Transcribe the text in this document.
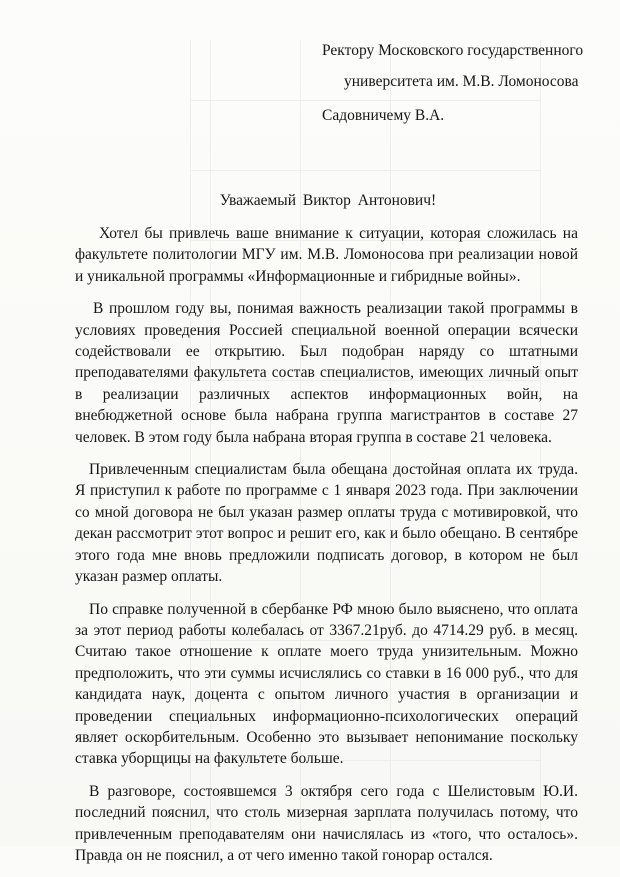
Ректору Московского государственного
университета им. М.В. Ломоносова
Садовничему В.А.
Уважаемый Виктор Антонович!

Хотел бы привлечь ваше внимание к ситуации, которая сложилась на факультете политологии МГУ им. М.В. Ломоносова при реализации новой и уникальной программы «Информационные и гибридные войны».

В прошлом году вы, понимая важность реализации такой программы в условиях проведения Россией специальной военной операции всячески содействовали ее открытию. Был подобран наряду со штатными преподавателями факультета состав специалистов, имеющих личный опыт в реализации различных аспектов информационных войн, на внебюджетной основе была набрана группа магистрантов в составе 27 человек. В этом году была набрана вторая группа в составе 21 человека.

Привлеченным специалистам была обещана достойная оплата их труда. Я приступил к работе по программе с 1 января 2023 года. При заключении со мной договора не был указан размер оплаты труда с мотивировкой, что декан рассмотрит этот вопрос и решит его, как и было обещано. В сентябре этого года мне вновь предложили подписать договор, в котором не был указан размер оплаты.

По справке полученной в сбербанке РФ мною было выяснено, что оплата за этот период работы колебалась от 3367.21руб. до 4714.29 руб. в месяц. Считаю такое отношение к оплате моего труда унизительным. Можно предположить, что эти суммы исчислялись со ставки в 16 000 руб., что для кандидата наук, доцента с опытом личного участия в организации и проведении специальных информационно-психологических операций являет оскорбительным. Особенно это вызывает непонимание поскольку ставка уборщицы на факультете больше.

В разговоре, состоявшемся 3 октября сего года с Шелистовым Ю.И. последний пояснил, что столь мизерная зарплата получилась потому, что привлеченным преподавателям они начислялась из «того, что осталось». Правда он не пояснил, а от чего именно такой гонорар остался.
